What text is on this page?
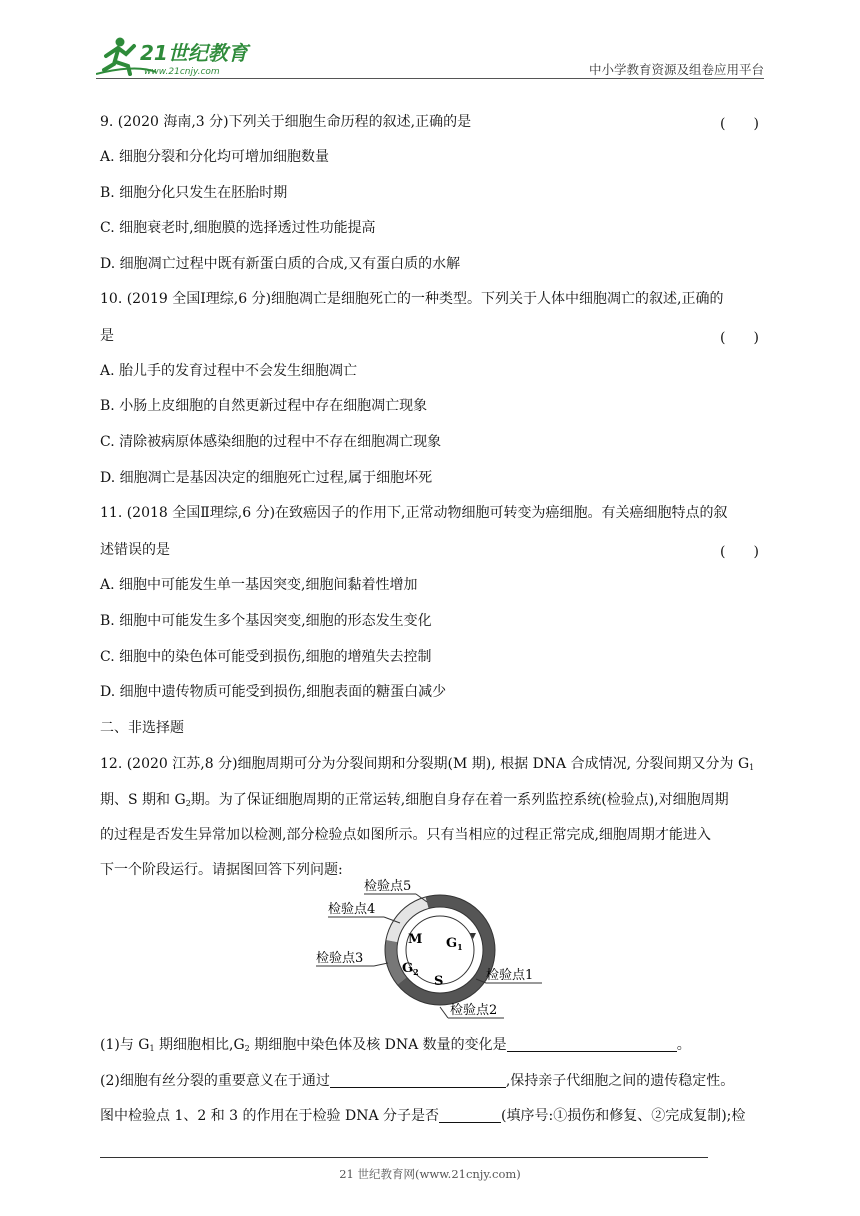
21世纪教育
www.21cnjy.com	中小学教育资源及组卷应用平台
9. (2020 海南,3 分)下列关于细胞生命历程的叙述,正确的是	(　　)
A. 细胞分裂和分化均可增加细胞数量
B. 细胞分化只发生在胚胎时期
C. 细胞衰老时,细胞膜的选择透过性功能提高
D. 细胞凋亡过程中既有新蛋白质的合成,又有蛋白质的水解
10. (2019 全国Ⅰ理综,6 分)细胞凋亡是细胞死亡的一种类型。下列关于人体中细胞凋亡的叙述,正确的
是	(　　)
A. 胎儿手的发育过程中不会发生细胞凋亡
B. 小肠上皮细胞的自然更新过程中存在细胞凋亡现象
C. 清除被病原体感染细胞的过程中不存在细胞凋亡现象
D. 细胞凋亡是基因决定的细胞死亡过程,属于细胞坏死
11. (2018 全国Ⅱ理综,6 分)在致癌因子的作用下,正常动物细胞可转变为癌细胞。有关癌细胞特点的叙
述错误的是	(　　)
A. 细胞中可能发生单一基因突变,细胞间黏着性增加
B. 细胞中可能发生多个基因突变,细胞的形态发生变化
C. 细胞中的染色体可能受到损伤,细胞的增殖失去控制
D. 细胞中遗传物质可能受到损伤,细胞表面的糖蛋白减少
二、非选择题
12. (2020 江苏,8 分)细胞周期可分为分裂间期和分裂期(M 期), 根据 DNA 合成情况, 分裂间期又分为 $G_1$
期、S 期和 $G_2$期。为了保证细胞周期的正常运转,细胞自身存在着一系列监控系统(检验点),对细胞周期
的过程是否发生异常加以检测,部分检验点如图所示。只有当相应的过程正常完成,细胞周期才能进入
下一个阶段运行。请据图回答下列问题:
M $G_1$
$G_2$
S
检验点5
检验点4
检验点3
检验点1
检验点2
(1)与 $G_1$ 期细胞相比$,G_2$ 期细胞中染色体及核 DNA 数量的变化是	。
(2)细胞有丝分裂的重要意义在于通过	,保持亲子代细胞之间的遗传稳定性。
图中检验点 1、2 和 3 的作用在于检验 DNA 分子是否	(填序号:①损伤和修复、②完成复制);检
21 世纪教育网(www.21cnjy.com)
